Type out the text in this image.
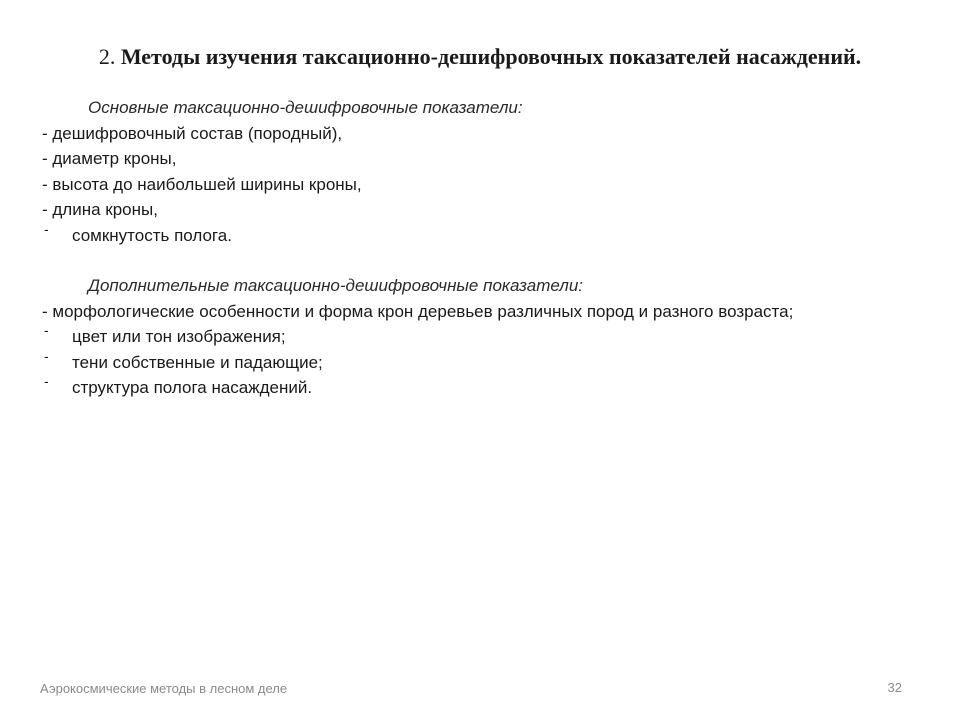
2. Методы изучения таксационно-дешифровочных показателей насаждений.
Основные таксационно-дешифровочные показатели:
- дешифровочный состав (породный),
- диаметр кроны,
- высота до наибольшей ширины кроны,
- длина кроны,
- сомкнутость полога.
Дополнительные таксационно-дешифровочные показатели:
- морфологические особенности и форма крон деревьев различных пород и разного возраста;
- цвет или тон изображения;
- тени собственные и падающие;
- структура полога насаждений.
Аэрокосмические методы в лесном деле	32
